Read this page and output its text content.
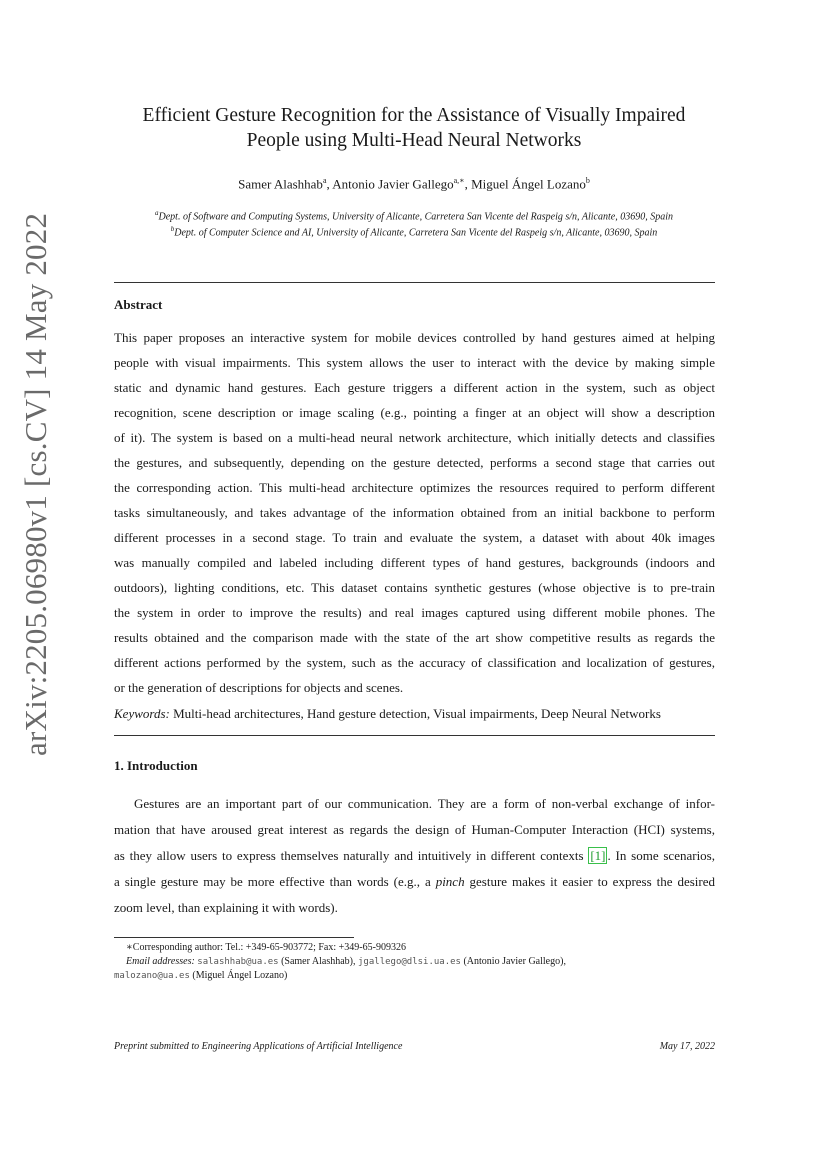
arXiv:2205.06980v1 [cs.CV] 14 May 2022
Efficient Gesture Recognition for the Assistance of Visually Impaired
People using Multi-Head Neural Networks
Samer Alashhab$^a$, Antonio Javier Gallego$^{a,∗}$, Miguel Ángel Lozano$^b$
$^a$Dept. of Software and Computing Systems, University of Alicante, Carretera San Vicente del Raspeig s/n, Alicante, 03690, Spain
$^b$Dept. of Computer Science and AI, University of Alicante, Carretera San Vicente del Raspeig s/n, Alicante, 03690, Spain
Abstract
This paper proposes an interactive system for mobile devices controlled by hand gestures aimed at helping
people with visual impairments. This system allows the user to interact with the device by making simple
static and dynamic hand gestures. Each gesture triggers a different action in the system, such as object
recognition, scene description or image scaling (e.g., pointing a finger at an object will show a description
of it). The system is based on a multi-head neural network architecture, which initially detects and classifies
the gestures, and subsequently, depending on the gesture detected, performs a second stage that carries out
the corresponding action. This multi-head architecture optimizes the resources required to perform different
tasks simultaneously, and takes advantage of the information obtained from an initial backbone to perform
different processes in a second stage. To train and evaluate the system, a dataset with about 40k images
was manually compiled and labeled including different types of hand gestures, backgrounds (indoors and
outdoors), lighting conditions, etc. This dataset contains synthetic gestures (whose objective is to pre-train
the system in order to improve the results) and real images captured using different mobile phones. The
results obtained and the comparison made with the state of the art show competitive results as regards the
different actions performed by the system, such as the accuracy of classification and localization of gestures,
or the generation of descriptions for objects and scenes.
Keywords: Multi-head architectures, Hand gesture detection, Visual impairments, Deep Neural Networks
1. Introduction
Gestures are an important part of our communication. They are a form of non-verbal exchange of infor-
mation that have aroused great interest as regards the design of Human-Computer Interaction (HCI) systems,
as they allow users to express themselves naturally and intuitively in different contexts [1] . In some scenarios,
a single gesture may be more effective than words (e.g., a pinch gesture makes it easier to express the desired
zoom level, than explaining it with words).
∗Corresponding author: Tel.: +349-65-903772; Fax: +349-65-909326
Email addresses: salashhab@ua.es (Samer Alashhab), jgallego@dlsi.ua.es (Antonio Javier Gallego),
malozano@ua.es (Miguel Ángel Lozano)
Preprint submitted to Engineering Applications of Artificial Intelligence	May 17, 2022
